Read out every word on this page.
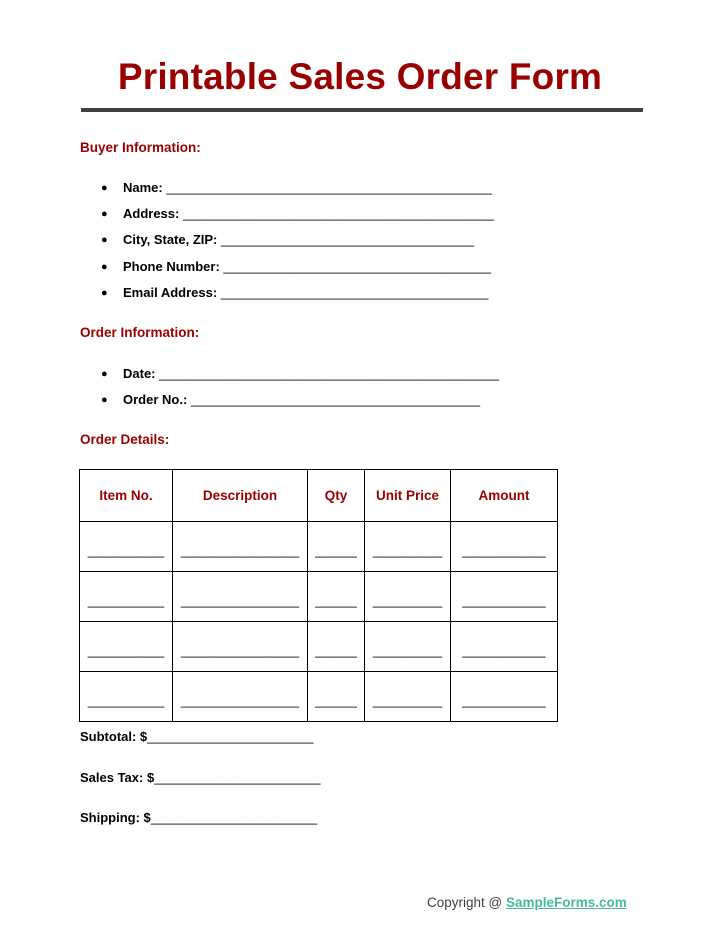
Printable Sales Order Form
Buyer Information:
● Name: _____________________________________________
● Address: ___________________________________________
● City, State, ZIP: ___________________________________
● Phone Number: _____________________________________
● Email Address: _____________________________________
Order Information:
● Date: _______________________________________________
● Order No.: ________________________________________
Order Details:
Item No.	Description	Qty	Unit Price	Amount
___________	_________________	______	__________	____________
___________	_________________	______	__________	____________
___________	_________________	______	__________	____________
___________	_________________	______	__________	____________
Subtotal: $_______________________
Sales Tax: $_______________________
Shipping: $_______________________
Copyright @ SampleForms.com
